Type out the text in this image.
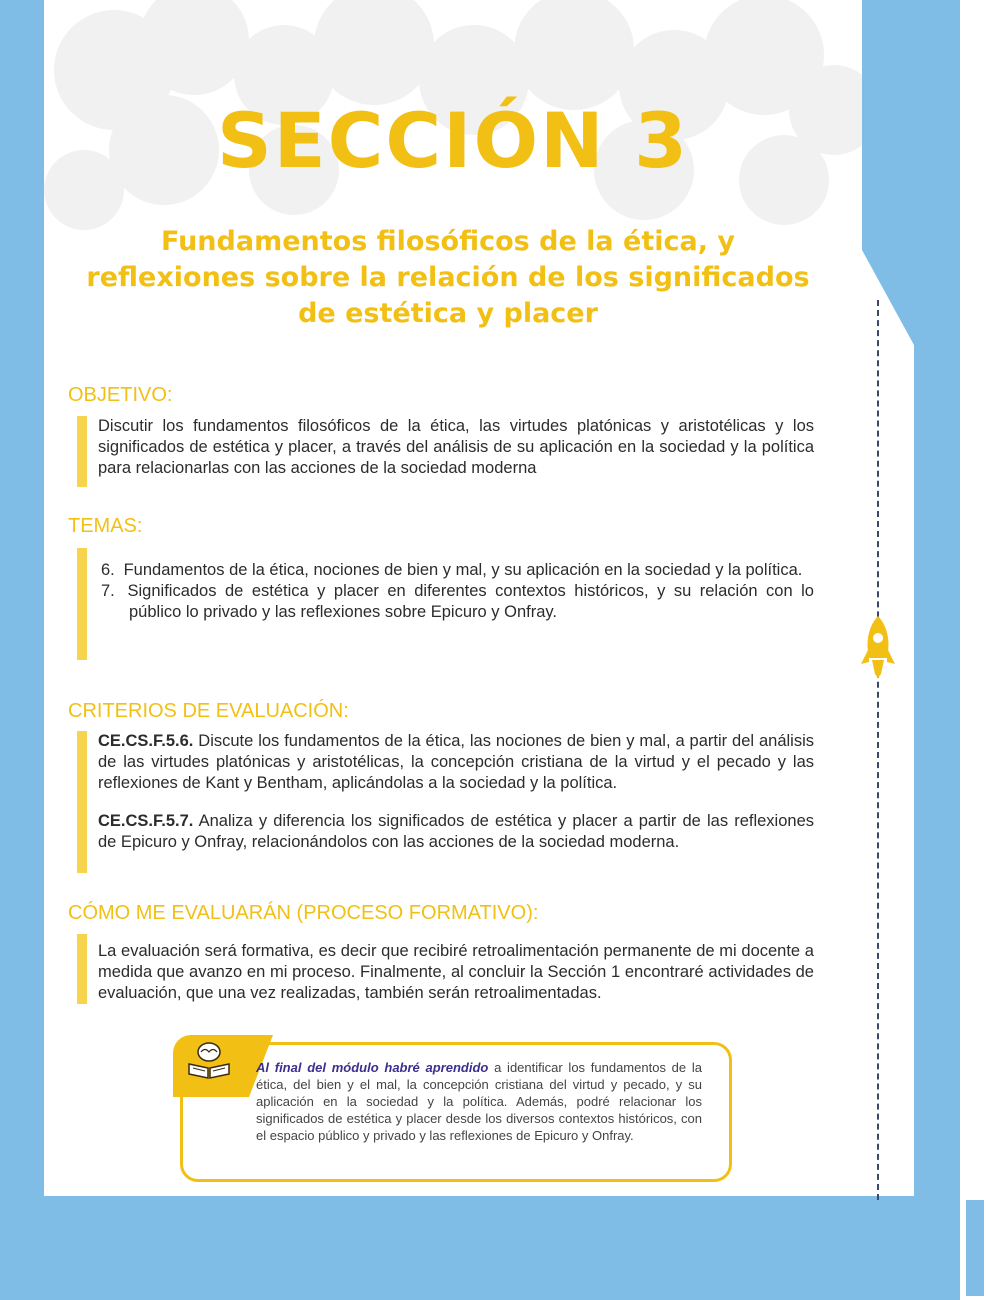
SECCIÓN 3
Fundamentos filosóficos de la ética, y reflexiones sobre la relación de los significados de estética y placer
OBJETIVO:
Discutir los fundamentos filosóficos de la ética, las virtudes platónicas y aristotélicas y los significados de estética y placer, a través del análisis de su aplicación en la sociedad y la política para relacionarlas con las acciones de la sociedad moderna
TEMAS:
6. Fundamentos de la ética, nociones de bien y mal, y su aplicación en la sociedad y la política.
7. Significados de estética y placer en diferentes contextos históricos, y su relación con lo público lo privado y las reflexiones sobre Epicuro y Onfray.
CRITERIOS DE EVALUACIÓN:
CE.CS.F.5.6. Discute los fundamentos de la ética, las nociones de bien y mal, a partir del análisis de las virtudes platónicas y aristotélicas, la concepción cristiana de la virtud y el pecado y las reflexiones de Kant y Bentham, aplicándolas a la sociedad y la política.
CE.CS.F.5.7. Analiza y diferencia los significados de estética y placer a partir de las reflexiones de Epicuro y Onfray, relacionándolos con las acciones de la sociedad moderna.
CÓMO ME EVALUARÁN (PROCESO FORMATIVO):
La evaluación será formativa, es decir que recibiré retroalimentación permanente de mi docente a medida que avanzo en mi proceso. Finalmente, al concluir la Sección 1 encontraré actividades de evaluación, que una vez realizadas, también serán retroalimentadas.
Al final del módulo habré aprendido a identificar los fundamentos de la ética, del bien y el mal, la concepción cristiana del virtud y pecado, y su aplicación en la sociedad y la política. Además, podré relacionar los significados de estética y placer desde los diversos contextos históricos, con el espacio público y privado y las reflexiones de Epicuro y Onfray.
